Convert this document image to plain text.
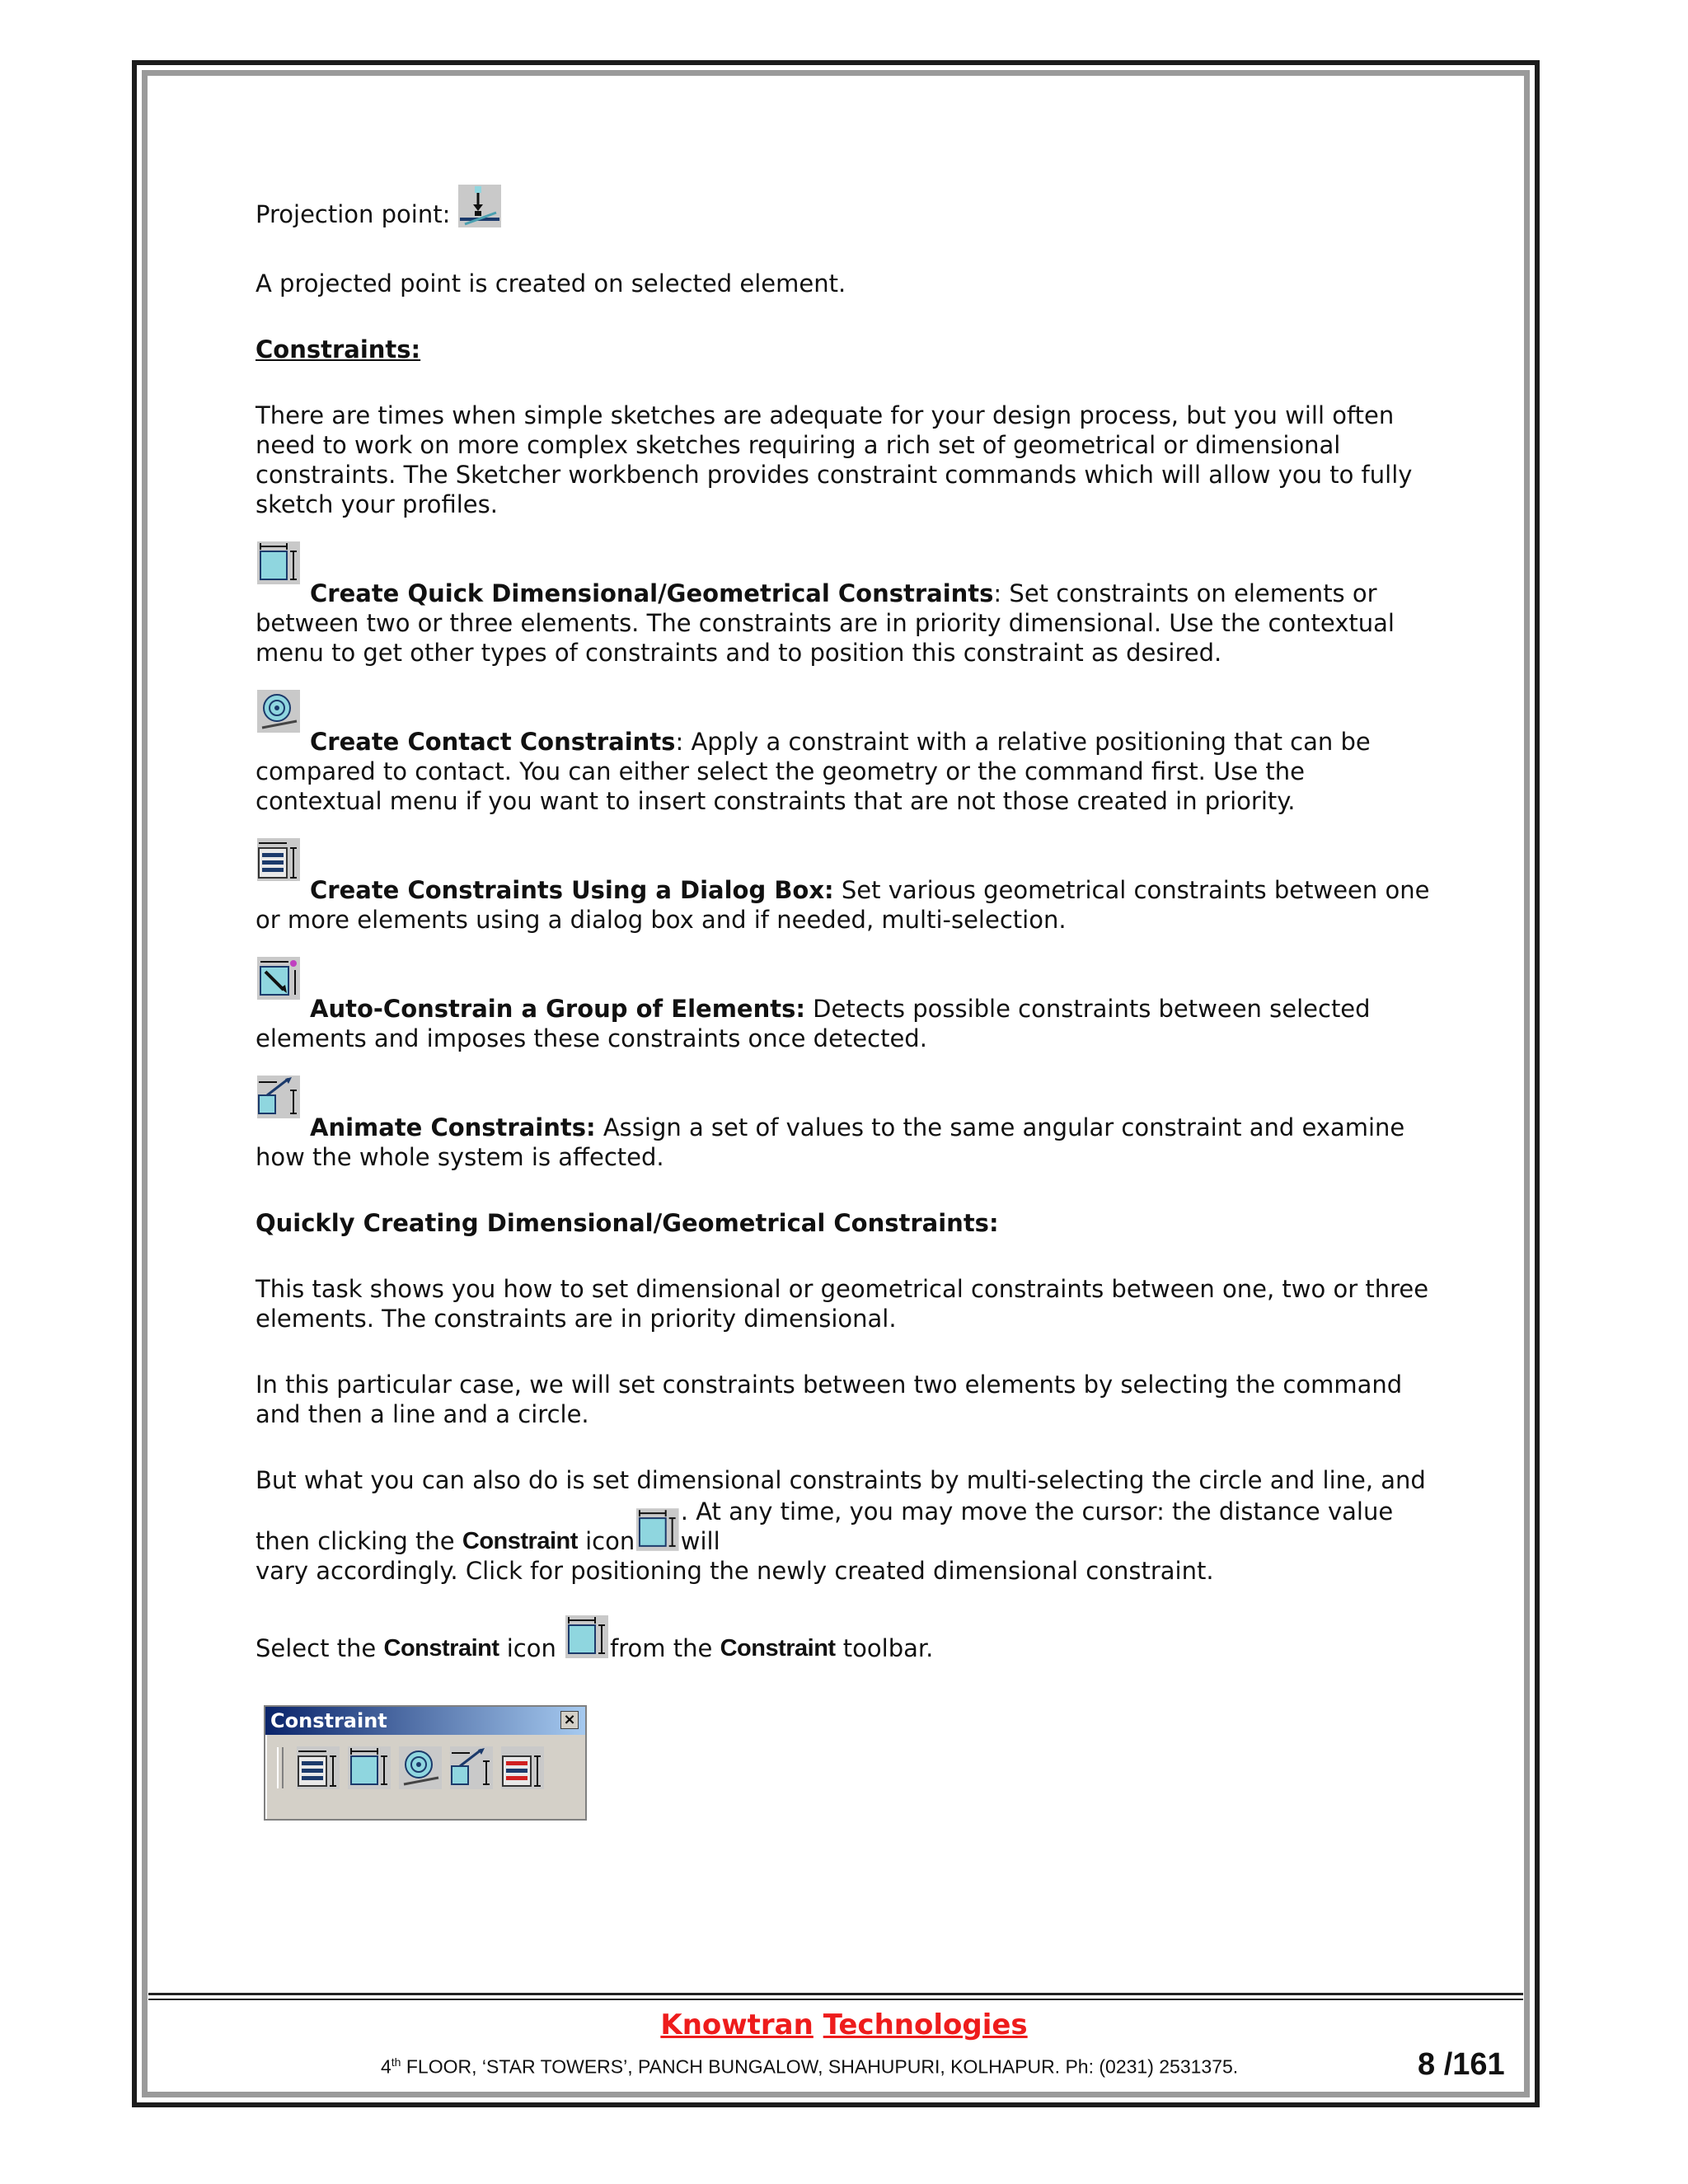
Projection point:

A projected point is created on selected element.

Constraints:

There are times when simple sketches are adequate for your design process, but you will often need to work on more complex sketches requiring a rich set of geometrical or dimensional constraints. The Sketcher workbench provides constraint commands which will allow you to fully sketch your profiles.

Create Quick Dimensional/Geometrical Constraints: Set constraints on elements or between two or three elements. The constraints are in priority dimensional. Use the contextual menu to get other types of constraints and to position this constraint as desired.

Create Contact Constraints: Apply a constraint with a relative positioning that can be compared to contact. You can either select the geometry or the command first. Use the contextual menu if you want to insert constraints that are not those created in priority.

Create Constraints Using a Dialog Box: Set various geometrical constraints between one or more elements using a dialog box and if needed, multi-selection.

Auto-Constrain a Group of Elements: Detects possible constraints between selected elements and imposes these constraints once detected.

Animate Constraints: Assign a set of values to the same angular constraint and examine how the whole system is affected.

Quickly Creating Dimensional/Geometrical Constraints:

This task shows you how to set dimensional or geometrical constraints between one, two or three elements. The constraints are in priority dimensional.

In this particular case, we will set constraints between two elements by selecting the command and then a line and a circle.

But what you can also do is set dimensional constraints by multi-selecting the circle and line, and

then clicking the Constraint icon
. At any time, you may move the cursor: the distance value will

vary accordingly. Click for positioning the newly created dimensional constraint.

Select the Constraint icon from the Constraint toolbar.

Constraint	×
Knowtran Technologies
4th FLOOR, ‘STAR TOWERS’, PANCH BUNGALOW, SHAHUPURI, KOLHAPUR. Ph: (0231) 2531375.	8 /161
